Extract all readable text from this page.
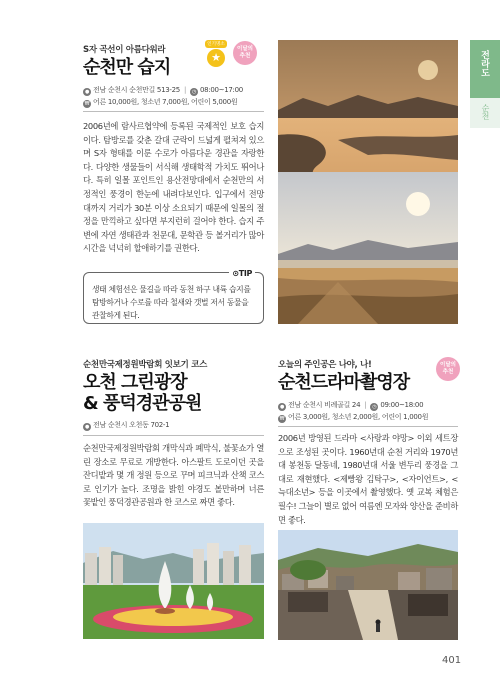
전라도
순천
S자 곡선이 아름다워라
순천만 습지
인기명소
★
이달의 추천
● 전남 순천시 순천만길 513-25 | ◷ 08:00~17:00
₩ 어른 10,000원, 청소년 7,000원, 어린이 5,000원

2006년에 람사르협약에 등록된 국제적인 보호 습지이다. 탐방로를 갖춘 갈대 군락이 드넓게 펼쳐져 있으며 S자 형태를 이룬 수로가 아름다운 경관을 자랑한다. 다양한 생물들이 서식해 생태학적 가치도 뛰어나다. 특히 일몰 포인트인 용산전망대에서 순천만의 서정적인 풍경이 한눈에 내려다보인다. 입구에서 전망대까지 거리가 30분 이상 소요되기 때문에 일몰의 절정을 만끽하고 싶다면 부지런히 걸어야 한다. 습지 주변에 자연 생태관과 천문대, 문학관 등 볼거리가 많아 시간을 넉넉히 할애하기를 권한다.

⊙TIP
생태 체험선은 물길을 따라 동천 하구 내륙 습지를 탐방하거나 수로를 따라 철새와 갯벌 저서 동물을 관찰하게 된다.
순천만국제정원박람회 잇보기 코스
오천 그린광장
& 풍덕경관공원
● 전남 순천시 오천동 702-1

순천만국제정원박람회 개막식과 폐막식, 불꽃쇼가 열린 장소로 무료로 개방한다. 아스팔트 도로이던 곳을 잔디밭과 몇 개 정원 등으로 꾸며 피크닉과 산책 코스로 인기가 높다. 조명을 밝힌 야경도 볼만하며 너른 꽃밭인 풍덕경관공원과 한 코스로 짜면 좋다.

오늘의 주인공은 나야, 나!
순천드라마촬영장
이달의 추천
● 전남 순천시 비례골길 24 | ◷ 09:00~18:00
₩ 어른 3,000원, 청소년 2,000원, 어린이 1,000원

2006년 방영된 드라마 <사랑과 야망> 이외 세트장으로 조성된 곳이다. 1960년대 순천 거리와 1970년대 봉천동 달동네, 1980년대 서울 변두리 풍경을 그대로 재현했다. <제빵왕 김탁구>, <자이언트>, <늑대소년> 등을 이곳에서 촬영했다. 옛 교복 체험은 필수! 그늘이 별로 없어 여름엔 모자와 양산을 준비하면 좋다.

401
